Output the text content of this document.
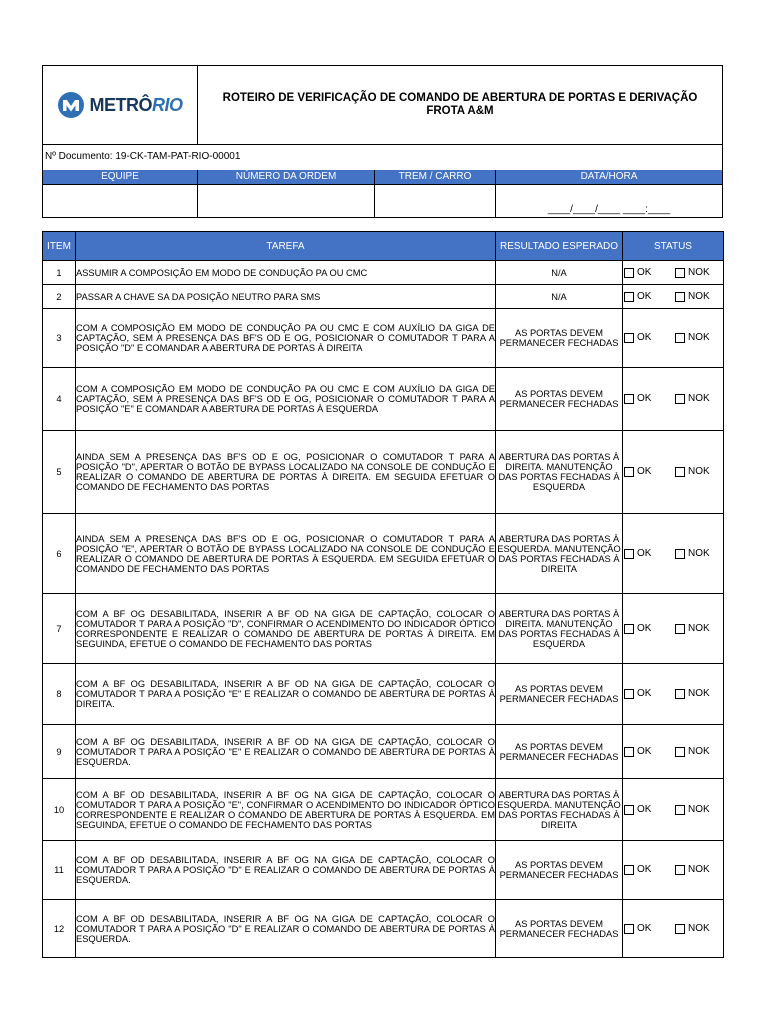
METRÔRIO	ROTEIRO DE VERIFICAÇÃO DE COMANDO DE ABERTURA DE PORTAS E DERIVAÇÃO FROTA A&M
Nº Documento: 19-CK-TAM-PAT-RIO-00001
EQUIPE	NÚMERO DA ORDEM	TREM / CARRO	DATA/HORA
____/____/____ ____:____
ITEM	TAREFA	RESULTADO ESPERADO	STATUS
1	ASSUMIR A COMPOSIÇÃO EM MODO DE CONDUÇÃO PA OU CMC	N/A	OK NOK

2	PASSAR A CHAVE SA DA POSIÇÃO NEUTRO PARA SMS	N/A	OK NOK

3	COM A COMPOSIÇÃO EM MODO DE CONDUÇÃO PA OU CMC E COM AUXÍLIO DA GIGA DE CAPTAÇÃO, SEM A PRESENÇA DAS BF'S OD E OG, POSICIONAR O COMUTADOR T PARA A POSIÇÃO "D" E COMANDAR A ABERTURA DE PORTAS À DIREITA	AS PORTAS DEVEM PERMANECER FECHADAS	OK NOK

4	COM A COMPOSIÇÃO EM MODO DE CONDUÇÃO PA OU CMC E COM AUXÍLIO DA GIGA DE CAPTAÇÃO, SEM A PRESENÇA DAS BF'S OD E OG, POSICIONAR O COMUTADOR T PARA A POSIÇÃO "E" E COMANDAR A ABERTURA DE PORTAS À ESQUERDA	AS PORTAS DEVEM PERMANECER FECHADAS	OK NOK

5	AINDA SEM A PRESENÇA DAS BF'S OD E OG, POSICIONAR O COMUTADOR T PARA A POSIÇÃO "D", APERTAR O BOTÃO DE BYPASS LOCALIZADO NA CONSOLE DE CONDUÇÃO E REALIZAR O COMANDO DE ABERTURA DE PORTAS À DIREITA. EM SEGUIDA EFETUAR O COMANDO DE FECHAMENTO DAS PORTAS	ABERTURA DAS PORTAS À DIREITA. MANUTENÇÃO DAS PORTAS FECHADAS À ESQUERDA	OK NOK

6	AINDA SEM A PRESENÇA DAS BF'S OD E OG, POSICIONAR O COMUTADOR T PARA A POSIÇÃO "E", APERTAR O BOTÃO DE BYPASS LOCALIZADO NA CONSOLE DE CONDUÇÃO E REALIZAR O COMANDO DE ABERTURA DE PORTAS À ESQUERDA. EM SEGUIDA EFETUAR O COMANDO DE FECHAMENTO DAS PORTAS	ABERTURA DAS PORTAS À ESQUERDA. MANUTENÇÃO DAS PORTAS FECHADAS À DIREITA	OK NOK

7	COM A BF OG DESABILITADA, INSERIR A BF OD NA GIGA DE CAPTAÇÃO, COLOCAR O COMUTADOR T PARA A POSIÇÃO "D", CONFIRMAR O ACENDIMENTO DO INDICADOR ÓPTICO CORRESPONDENTE E REALIZAR O COMANDO DE ABERTURA DE PORTAS À DIREITA. EM SEGUINDA, EFETUE O COMANDO DE FECHAMENTO DAS PORTAS	ABERTURA DAS PORTAS À DIREITA. MANUTENÇÃO DAS PORTAS FECHADAS À ESQUERDA	OK NOK

8	COM A BF OG DESABILITADA, INSERIR A BF OD NA GIGA DE CAPTAÇÃO, COLOCAR O COMUTADOR T PARA A POSIÇÃO "E" E REALIZAR O COMANDO DE ABERTURA DE PORTAS À DIREITA.	AS PORTAS DEVEM PERMANECER FECHADAS	OK NOK

9	COM A BF OG DESABILITADA, INSERIR A BF OD NA GIGA DE CAPTAÇÃO, COLOCAR O COMUTADOR T PARA A POSIÇÃO "E" E REALIZAR O COMANDO DE ABERTURA DE PORTAS À ESQUERDA.	AS PORTAS DEVEM PERMANECER FECHADAS	OK NOK

10	COM A BF OD DESABILITADA, INSERIR A BF OG NA GIGA DE CAPTAÇÃO, COLOCAR O COMUTADOR T PARA A POSIÇÃO "E", CONFIRMAR O ACENDIMENTO DO INDICADOR ÓPTICO CORRESPONDENTE E REALIZAR O COMANDO DE ABERTURA DE PORTAS À ESQUERDA. EM SEGUINDA, EFETUE O COMANDO DE FECHAMENTO DAS PORTAS	ABERTURA DAS PORTAS À ESQUERDA. MANUTENÇÃO DAS PORTAS FECHADAS À DIREITA	OK NOK

11	COM A BF OD DESABILITADA, INSERIR A BF OG NA GIGA DE CAPTAÇÃO, COLOCAR O COMUTADOR T PARA A POSIÇÃO "D" E REALIZAR O COMANDO DE ABERTURA DE PORTAS À ESQUERDA.	AS PORTAS DEVEM PERMANECER FECHADAS	OK NOK

12	COM A BF OD DESABILITADA, INSERIR A BF OG NA GIGA DE CAPTAÇÃO, COLOCAR O COMUTADOR T PARA A POSIÇÃO "D" E REALIZAR O COMANDO DE ABERTURA DE PORTAS À ESQUERDA.	AS PORTAS DEVEM PERMANECER FECHADAS	OK NOK
